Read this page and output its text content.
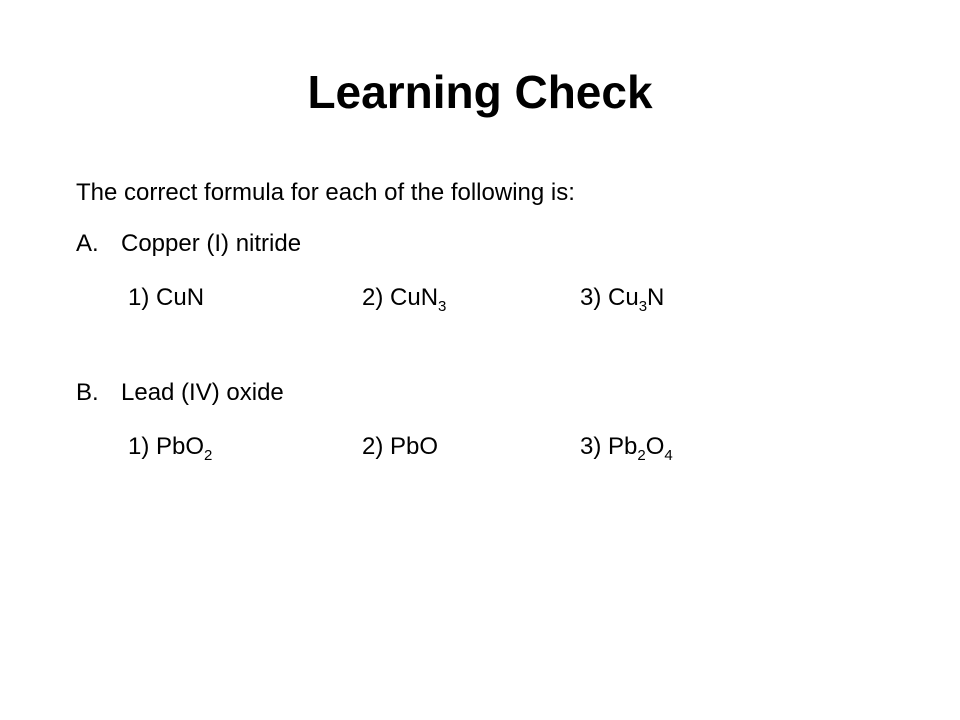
Learning Check
The correct formula for each of the following is:
A. Copper (I) nitride
1) CuN	2) CuN$_3$	3) $Cu_3N$
B. Lead (IV) oxide
1) PbO$_2$	2) PbO	3) $Pb_2O_4$
